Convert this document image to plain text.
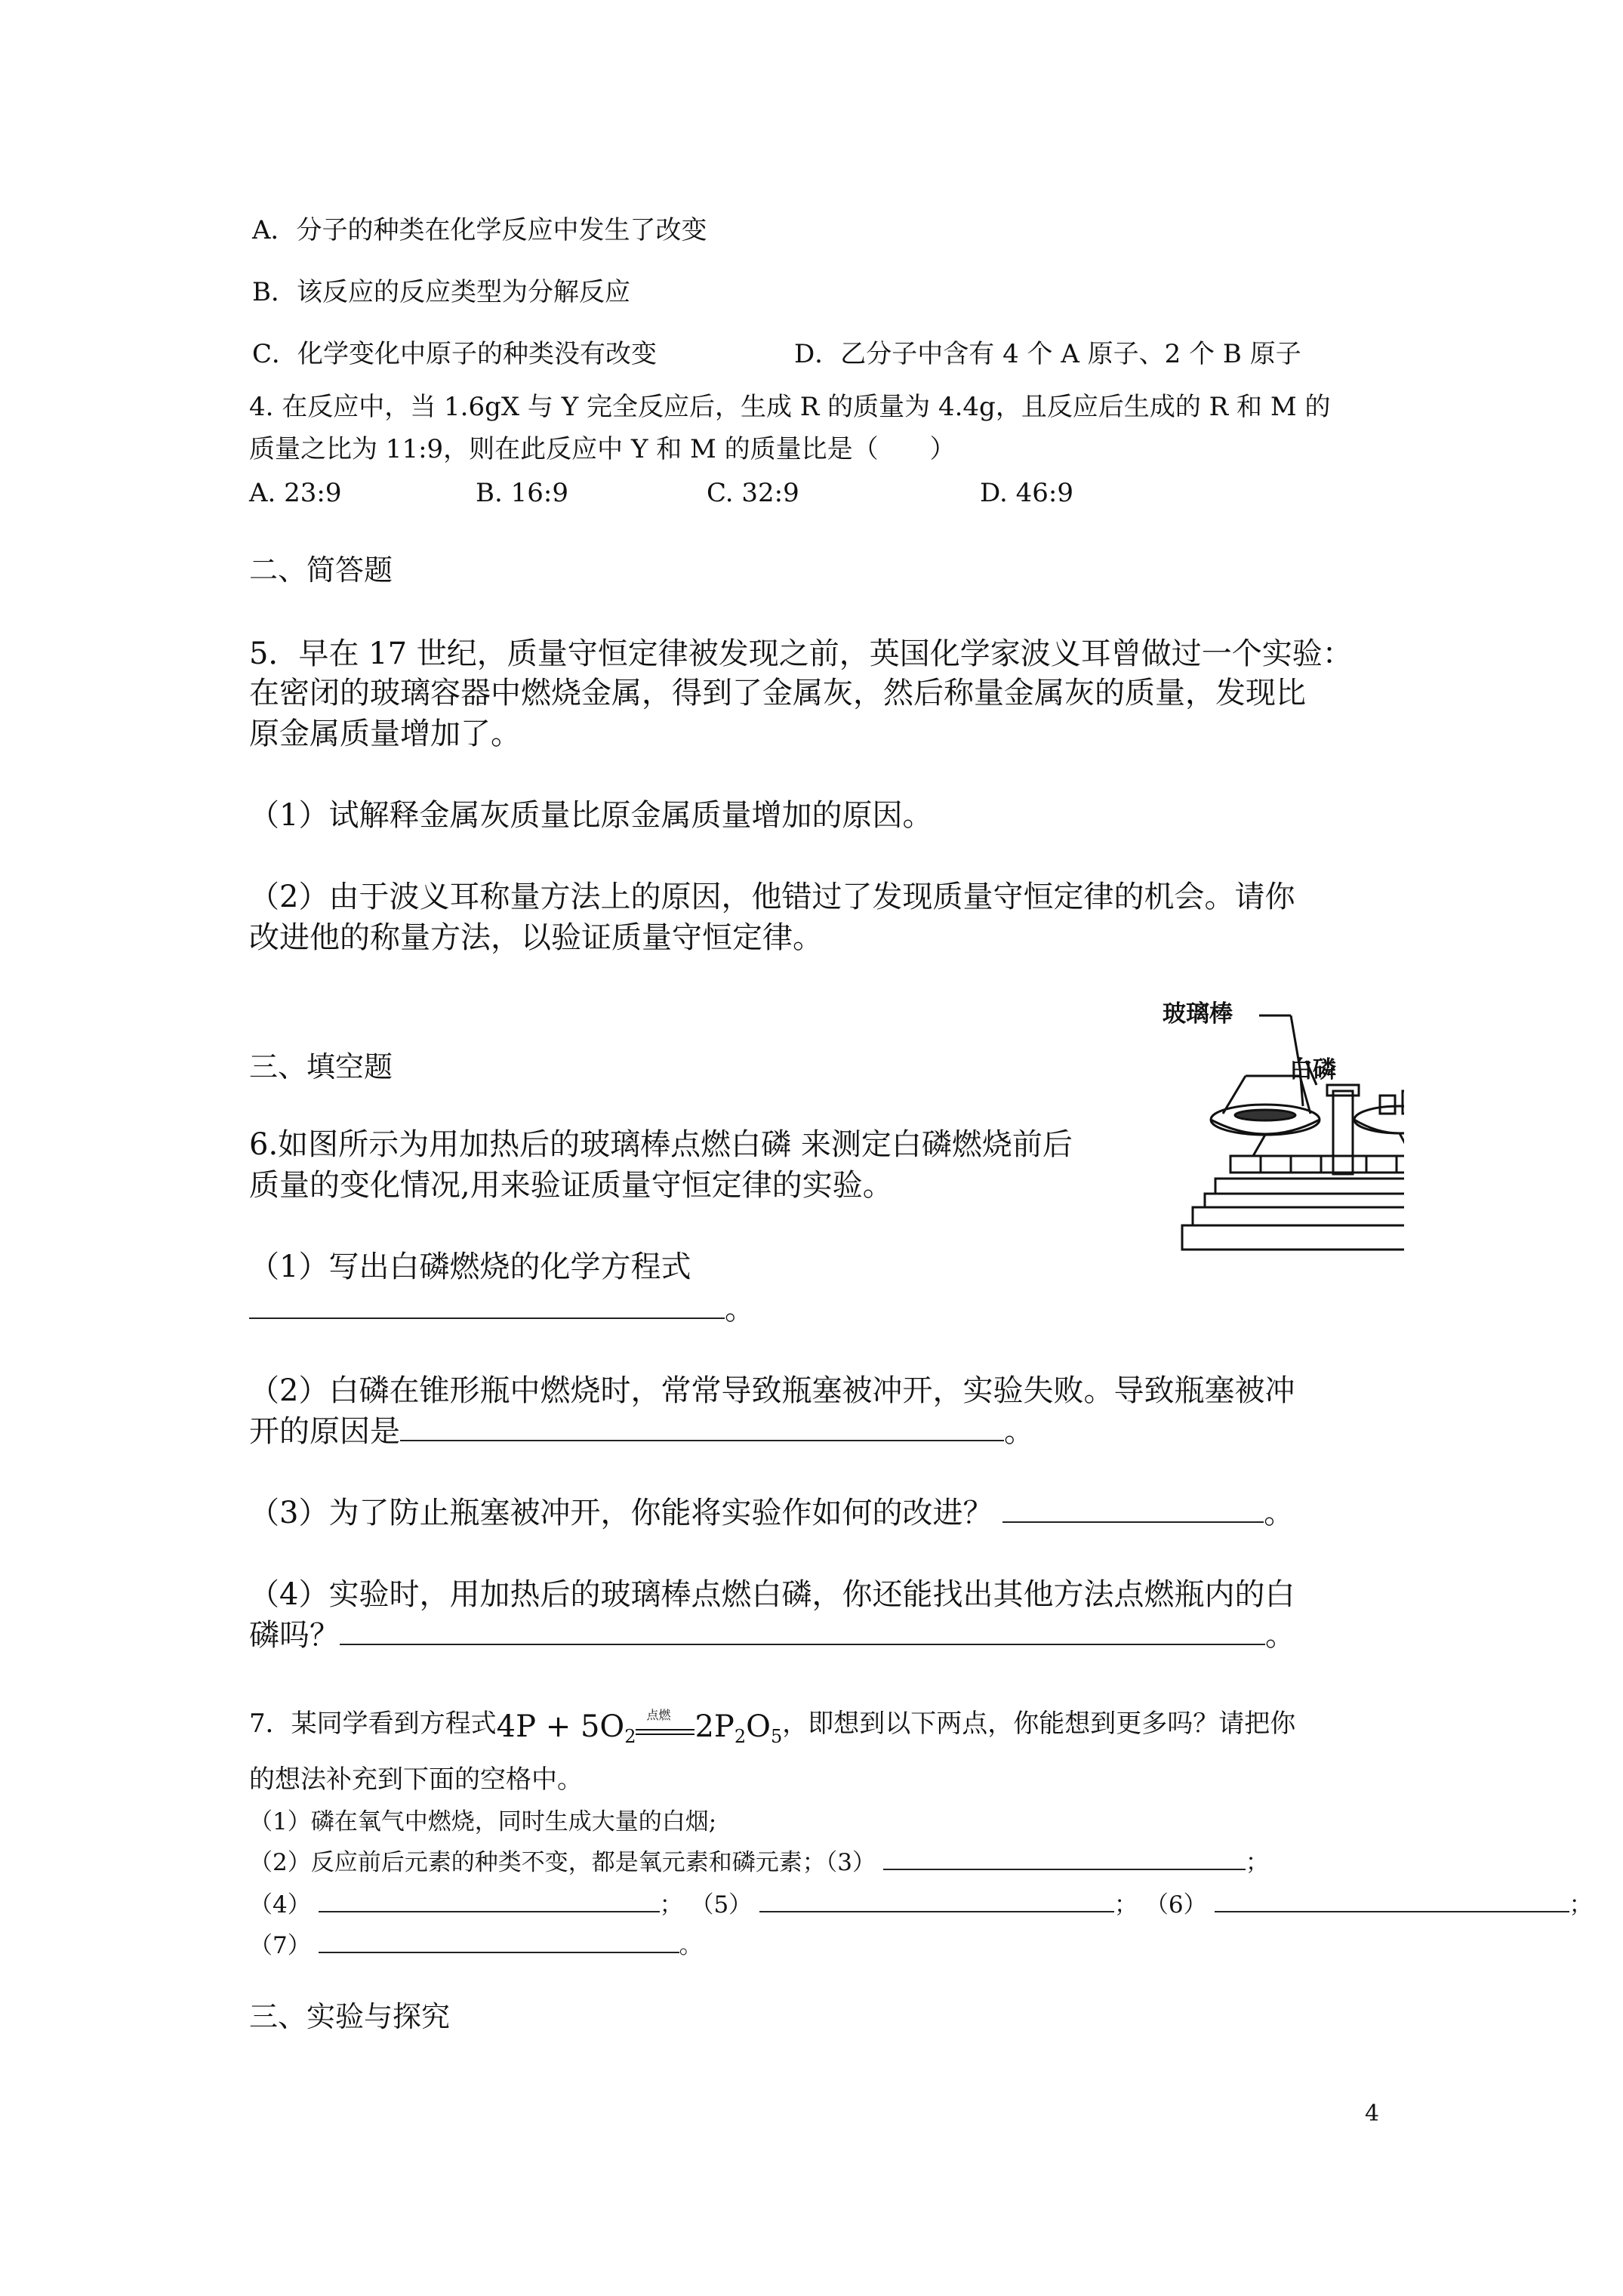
A．分子的种类在化学反应中发生了改变
B．该反应的反应类型为分解反应
C．化学变化中原子的种类没有改变	D．乙分子中含有 4 个 A 原子、2 个 B 原子
4. 在反应中，当 1.6gX 与 Y 完全反应后，生成 R 的质量为 4.4g，且反应后生成的 R 和 M 的
质量之比为 11:9，则在此反应中 Y 和 M 的质量比是（　　）
A. 23:9	B. 16:9	C. 32:9	D. 46:9
二、简答题
5．早在 17 世纪，质量守恒定律被发现之前，英国化学家波义耳曾做过一个实验：
在密闭的玻璃容器中燃烧金属，得到了金属灰，然后称量金属灰的质量，发现比
原金属质量增加了。
（1）试解释金属灰质量比原金属质量增加的原因。
（2）由于波义耳称量方法上的原因，他错过了发现质量守恒定律的机会。请你
改进他的称量方法，以验证质量守恒定律。
三、填空题
玻璃棒
白磷
6.如图所示为用加热后的玻璃棒点燃白磷 来测定白磷燃烧前后
质量的变化情况,用来验证质量守恒定律的实验。
（1）写出白磷燃烧的化学方程式
。
（2）白磷在锥形瓶中燃烧时，常常导致瓶塞被冲开，实验失败。导致瓶塞被冲
开的原因是	。
（3）为了防止瓶塞被冲开，你能将实验作如何的改进？	。
（4）实验时，用加热后的玻璃棒点燃白磷，你还能找出其他方法点燃瓶内的白
磷吗？	。
7．某同学看到方程式$4P + 5O_2$
点燃 $2P_2O_5$，即想到以下两点，你能想到更多吗？请把你
的想法补充到下面的空格中。
（1）磷在氧气中燃烧，同时生成大量的白烟;
（2）反应前后元素的种类不变，都是氧元素和磷元素；（3）	；
（4）	； （5）	； （6）	；
（7）	。
三、实验与探究
4
